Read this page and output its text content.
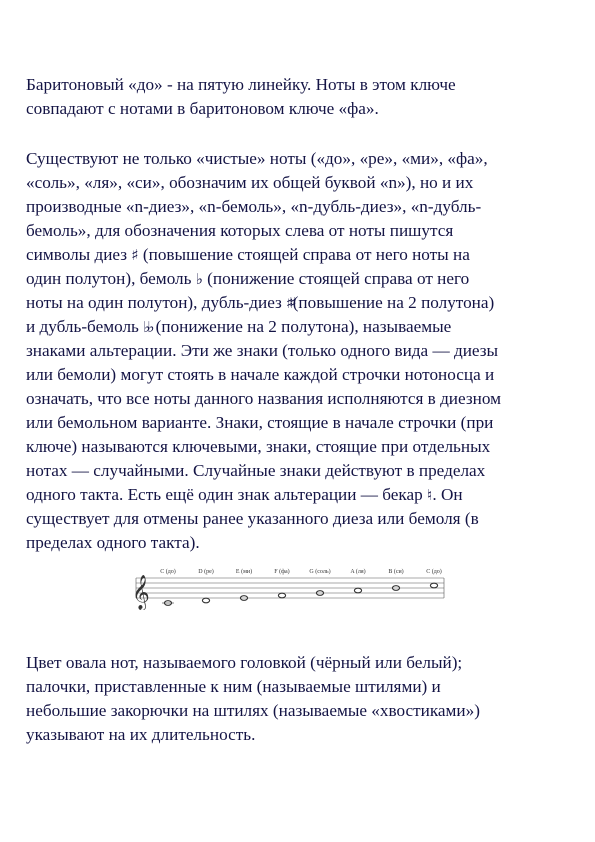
Баритоновый «до» - на пятую линейку. Ноты в этом ключе
совпадают с нотами в баритоновом ключе «фа».
Существуют не только «чистые» ноты («до», «ре», «ми», «фа»,
«соль», «ля», «си», обозначим их общей буквой «n»), но и их
производные «n-диез», «n-бемоль», «n-дубль-диез», «n-дубль-
бемоль», для обозначения которых слева от ноты пишутся
символы диез ♯ (повышение стоящей справа от него ноты на
один полутон), бемоль ♭ (понижение стоящей справа от него
ноты на один полутон), дубль-диез ♯♯(повышение на 2 полутона)
и дубль-бемоль ♭♭ (понижение на 2 полутона), называемые
знаками альтерации. Эти же знаки (только одного вида — диезы
или бемоли) могут стоять в начале каждой строчки нотоносца и
означать, что все ноты данного названия исполняются в диезном
или бемольном варианте. Знаки, стоящие в начале строчки (при
ключе) называются ключевыми, знаки, стоящие при отдельных
нотах — случайными. Случайные знаки действуют в пределах
одного такта. Есть ещё один знак альтерации — бекар ♮. Он
существует для отмены ранее указанного диеза или бемоля (в
пределах одного такта).
𝄞
C (до)	D (ре)	E (ми)	F (фа)	G (соль)	A (ля)	B (си)	C (до)
Цвет овала нот, называемого головкой (чёрный или белый);
палочки, приставленные к ним (называемые штилями) и
небольшие закорючки на штилях (называемые «хвостиками»)
указывают на их длительность.
